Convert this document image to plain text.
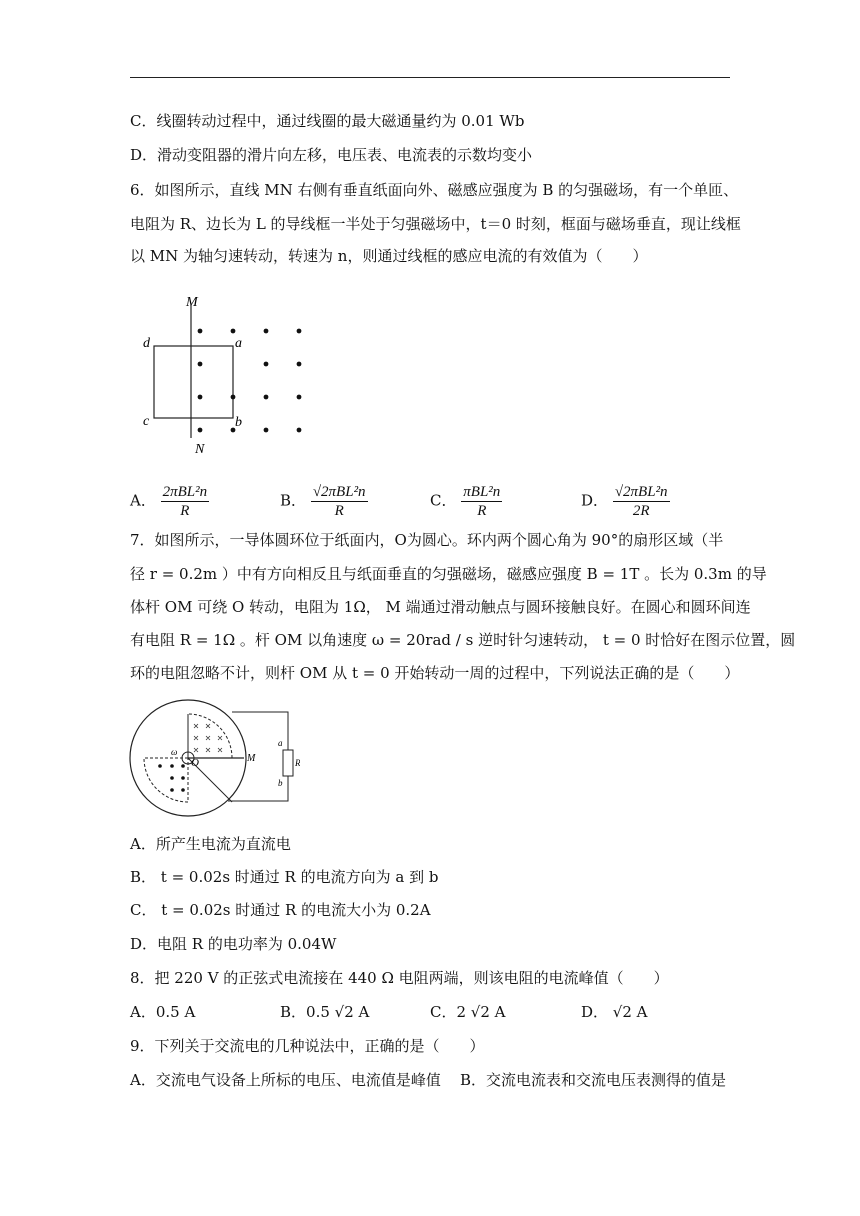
C．线圈转动过程中，通过线圈的最大磁通量约为 0.01 Wb
D．滑动变阻器的滑片向左移，电压表、电流表的示数均变小
6．如图所示，直线 MN 右侧有垂直纸面向外、磁感应强度为 B 的匀强磁场，有一个单匝、
电阻为 R、边长为 L 的导线框一半处于匀强磁场中，t＝0 时刻，框面与磁场垂直，现让线框
以 MN 为轴匀速转动，转速为 n，则通过线框的感应电流的有效值为（　　）
M
N
d	a
b
c
A． $\frac{\text{2πBL²n}}{R}$	B． $\frac{\text{√2πBL²n}}{R}$	C． $\frac{\text{πBL²n}}{R}$	D． $\frac{\text{√2πBL²n}}{2R}$
7．如图所示，一导体圆环位于纸面内，O为圆心。环内两个圆心角为 90°的扇形区域（半
径 r = 0.2m ）中有方向相反且与纸面垂直的匀强磁场，磁感应强度 B = 1T 。长为 0.3m 的导
体杆 OM 可绕 O 转动，电阻为 1Ω， M 端通过滑动触点与圆环接触良好。在圆心和圆环间连
有电阻 R = 1Ω 。杆 OM 以角速度 ω = 20rad / s 逆时针匀速转动， t = 0 时恰好在图示位置，圆
环的电阻忽略不计，则杆 OM 从 t = 0 开始转动一周的过程中，下列说法正确的是（　　）
ω
O	M
a
b
R
A．所产生电流为直流电
B． t = 0.02s 时通过 R 的电流方向为 a 到 b
C． t = 0.02s 时通过 R 的电流大小为 0.2A
D．电阻 R 的电功率为 0.04W
8．把 220 V 的正弦式电流接在 440 Ω 电阻两端，则该电阻的电流峰值（　　）
A．0.5 A	B．0.5 √2 A	C．2 √2 A	D． √2 A
9．下列关于交流电的几种说法中，正确的是（　　）
A．交流电气设备上所标的电压、电流值是峰值 B．交流电流表和交流电压表测得的值是
